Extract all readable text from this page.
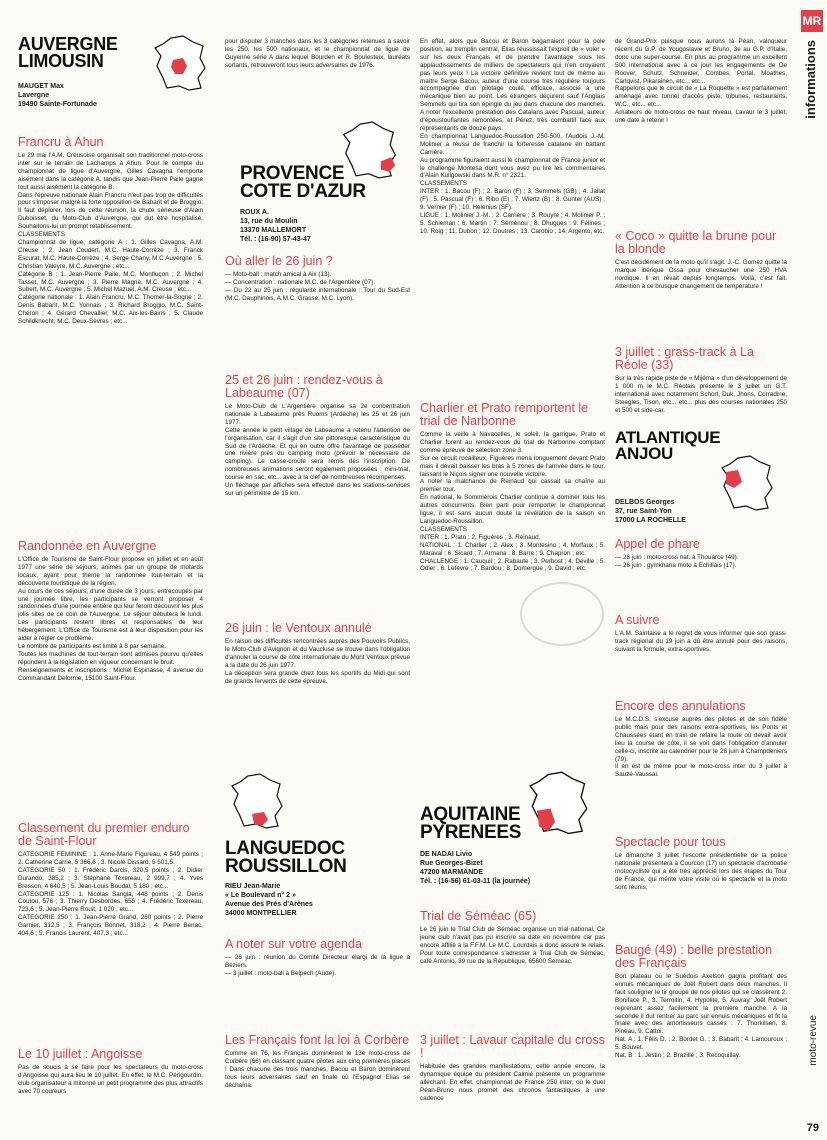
MR
informations
moto-revue
79
AUVERGNE
LIMOUSIN
MAUGET Max
Lavergne
19490 Sainte-Fortunade

Francru à Ahun

Le 29 mai l'A.M. Creusoise organisait son traditionnel moto-cross inter sur le terrain de Lachamps à Ahun. Pour le compte du championnat de ligue d'Auvergne, Gilles Cavagna l'emporte aisément dans la catégorie A, tandis que Jean-Pierre Paile gagne tout aussi aisément la catégorie B.
Dans l'épreuve nationale Alain Francru n'eut pas trop de difficultés pour s'imposer malgré la forte opposition de Babarit et de Broggio.
Il faut déplorer, lors de cette réunion, la chute sérieuse d'Alain Duboisset, du Moto-Club d'Auvergne, qui dut être hospitalisé. Souhaitons-lui un prompt rétablissement.
CLASSEMENTS
Championnat de ligue, catégorie A : 1. Gilles Cavagna, A.M. Creuse ; 2. Jean Coudert, M.C. Haute-Corrèze ; 3. Franck Escurat, M.C. Haute-Corrèze ; 4. Serge Chany, M.C Auvergne ; 5. Christian Valeyre, M.C. Auvergne ; etc...
Catégorie B : 1. Jean-Pierre Paile, M.C. Montluçon ; 2. Michel Tasset, M.C. Auvergne ; 3. Pierre Magne, M.C. Auvergne ; 4. Subert, M.C. Auvergne ; 5. Michel Mazuel, A.M. Creuse ; etc...
Catégorie nationale : 1. Alain Francru, M.C. Thomer-la-Sogne ; 2. Denis Babarit, M.C. Yonnais ; 3. Richard Broggio, M.C. Saint-Chéron ; 4. Gérard Chevallier, M.C. Aix-les-Bains ; 5. Claude Schildknecht, M.C. Deux-Sèvres ; etc...

Randonnée en Auvergne

L'Office de Tourisme de Saint-Flour propose en juillet et en août 1977 une série de séjours, animés par un groupe de motards locaux, ayant pour thème la randonnée tout-terrain et la découverte touristique de la région.
Au cours de ces séjours, d'une durée de 3 jours, entrecoupés par une journée libre, les participants se verront proposer 4 randonnées d'une journée entière qui leur feront découvrir les plus jolis sites de ce coin de l'Auvergne. Le séjour débutera le lundi. Les participants restent libres et responsables de leur hébergement. L'Office de Tourisme est à leur disposition pour les aider à régler ce problème.
Le nombre de participants est limité à 8 par semaine.
Toutes les machines de tout-terrain sont admises pourvu qu'elles répondent à la législation en vigueur concernant le bruit.
Renseignements et inscriptions : Michel Espinasse, 4 avenue du Commandant Delorme, 15100 Saint-Flour.

Classement du premier enduro de Saint-Flour

CATEGORIE FEMININE : 1. Anne-Marie Figureau, 4 549 points ; 2. Catherine Carrie, 5 366,6 ; 3. Nicole Dissard, 5 501,5.
CATEGORIE 50 : 1. Frédéric Darcis, 320,5 points ; 2. Didier Durando, 385,2 ; 3. Stéphane Texereau, 2 999,7 ; 4. Yves Bresson, 4 640,5 ; 5. Jean-Louis Boudal, 5 180 ; etc...
CATEGORIE 125 : 1. Nicolas Sangla, 448 points ; 2. Denis Coutou, 576 ; 3. Thierry Desbordes, 655 ; 4. Frédéric Texereau, 723,6 ; 5. Jean-Pierre Rouit, 1 020 ; etc...
CATEGORIE 250 : 1. Jean-Pierre Grand, 280 points ; 2. Pierre Garnier, 312,5 ; 3. François Bonnet, 318,2 ; 4. Pierre Benac, 404,6 ; 5. Francis Laurent, 407,3 ; etc...

Le 10 juillet : Angoisse

Pas de soucis à se faire pour les spectateurs du moto-cross d'Angoisse qui aura lieu le 10 juillet. En effet, le M.C. Périgourdin, club organisateur a mitonné un petit programme des plus attractifs avec 70 coureurs

pour disputer 3 manches dans les 3 catégories retenues à savoir les 250, les 500 nationaux, et le championnat de ligue de Guyenne série A dans lequel Bourden et R. Boulesteix, lauréats sortants, retrouveront tous leurs adversaires de 1976.

PROVENCE
COTE D'AZUR
ROUX A.
13, rue du Moulin
13370 MALLEMORT
Tél. : (16-90) 57-43-47

Où aller le 26 juin ?

— Moto-ball : match amical à Aix (13).
— Concentration : nationale M.C. de l'Argentière (07).
— Du 22 au 25 juin : régularité internationale : Tour du Sud-Est (M.C. Dauphinois, A.M.C. Grasse, M.C. Lyon).

25 et 26 juin : rendez-vous à Labeaume (07)

Le Moto-Club de L'Argentière organise sa 2e concentration nationale à Labeaume près Ruoms (Ardèche) les 25 et 26 juin 1977.
Cette année le petit village de Labeaume a retenu l'attention de l'organisation, car il s'agit d'un site pittoresque caractéristique du Sud de l'Ardèche. Et qui en outre offre l'avantage de posséder une rivière près du camping moto (prévoir le nécessaire de camping). Le casse-croûte sera remis dès l'inscription. De nombreuses animations seront également proposées : mini-trial, course en sac, etc... avec à la clef de nombreuses récompenses.
Un fléchage par affiches sera effectué dans les stations-services sur un périmètre de 15 km.

26 juin : le Ventoux annulé

En raison des difficultés rencontrées auprès des Pouvoirs Publics, le Moto-Club d'Avignon et du Vaucluse se trouve dans l'obligation d'annuler la course de côte internationale du Mont Ventoux prévue à la date du 26 juin 1977.
La déception sera grande chez tous les sportifs du Midi qui sont de grands fervents de cette épreuve.

LANGUEDOC
ROUSSILLON
RIEU Jean-Marie
« Le Boulevard n° 2 »
Avenue des Prés d'Arènes
34000 MONTPELLIER

A noter sur votre agenda

— 26 juin : réunion du Comité Directeur élargi de la ligue à Béziers.
— 3 juillet : moto-ball à Belpech (Aude).

Les Français font la loi à Corbère

Comme en 76, les Français dominèrent le 13e moto-cross de Corbère (66) en classant quatre pilotes aux cinq premières places ! Dans chacune des trois manches, Bacou et Baron dominèrent tous leurs adversaires sauf en finale où l'Espagnol Elias se déchaîna.

En effet, alors que Bacou et Baron bagarraient pour la pole position, au tremplin central, Elias réussissait l'exploit de « voler » sur les deux Français et de prendre l'avantage sous les applaudissements de milliers de spectateurs qui n'en croyaient pas leurs yeux ! La victoire définitive revient tout de même au maître Serge Bacou, auteur d'une course très régulière toujours accompagnée d'un pilotage coulé, efficace, associé à une mécanique bien au point. Les étrangers déçurent sauf l'Anglais Semmels qui tira son épingle du jeu dans chacune des manches. A noter l'excellente prestation des Catalans avec Pascual, auteur d'époustouflantes remontées, et Pérez, très combattif face aux représentants de douze pays.
En championnat Languedoc-Roussillon 250-500, l'Audois J.-M. Molinier a réussi de franchir la forteresse catalane en battant Carrière.
Au programme figuraient aussi le championnat de France junior et le challenge Montesa dont vous avez pu lire les commentaires d'Alain Kuligowski dans M.R. n° 2321.
CLASSEMENTS
INTER : 1. Bacou (F) ; 2. Baron (F) ; 3. Semmels (GB) ; 4. Jallat (F) ; 5. Pascual (F) ; 6. Ribo (E) ; 7. Wiertz (B) ; 8. Gunter (AUS) ; 9. Vernier (F) ; 10. Helenius (SF).
LIGUE : 1. Molinier J.-M. ; 2. Carrière ; 3. Rouyre ; 4. Molinier P. ; 5. Schieman ; 6. Martin ; 7. Séménou ; 8. Dhugues ; 9. Félines ; 10. Roig ; 11. Dubon ; 12. Doutres ; 13. Carobio ; 14. Argento, etc.

Charlier et Prato remportent le trial de Narbonne

Comme la veille à Navacelles, le soleil, la garrigue, Prato et Charlier furent au rendez-vous du trial de Narbonne comptant comme épreuve de sélection zone 3.
Sur ce circuit rocailleux, Figuères mena longuement devant Prato mais il devait baisser les bras à 5 zones de l'arrivée dans le tour, laissant le Niçois signer une nouvelle victoire.
A noter la malchance de Reinaud qui cassait sa chaîne au premier tour.
En national, le Sommiérois Charlier continue à dominer tous les autres concurrents. Bien parti pour remporter le championnat ligue, il est sans aucun doute la révélation de la saison en Languedoc-Roussillon.
CLASSEMENTS
INTER : 1. Prato ; 2. Figuères ; 3. Reinaud.
NATIONAL : 1. Charlier ; 2. Alex ; 3. Montesino ; 4. Morfaux ; 5. Maraval ; 6. Sicard ; 7. Armana ; 8. Barre ; 9. Chapron ; etc.
CHALLENGE : 1. Cauquil ; 2. Rabaute ; 3. Perbost ; 4. Deville ; 5. Odier ; 6. Lefèvre ; 7. Bardou ; 8. Domergue ; 9. David ; etc.

AQUITAINE
PYRENEES
DE NADAI Livio
Rue Georges-Bizet
47200 MARMANDE
Tél. : (16-56) 61-03-11 (la journée)

Trial de Séméac (65)

Le 26 juin le Trial Club de Séméac organise un trial national. Ce jeune club n'avait pas pu inscrire sa date en novembre car pas encore affilié à la F.F.M. Le M.C. Lourdais a donc assuré le relais. Pour toute correspondance s'adresser à Trial Club de Séméac, café Antonio, 39 rue de la République, 65600 Séméac.

3 juillet : Lavaur capitale du cross !

Habituée des grandes manifestations, cette année encore, la dynamique équipe du président Calmié présente un programme alléchant. En effet, championnat de France 250 inter, où le duel Péan-Bruno nous promet des chronos fantastiques à une cadence

de Grand-Prix puisque nous aurons là Péan, vainqueur récent du G.P. de Yougoslavie et Bruno, 3e au G.P. d'Italie, donc une super-course. En plus au programme un excellent 500 international avec à ce jour les engagements de De Roover, Schutz, Schneider, Combes, Portal, Moathes, Carlqvist, Pikarainen, etc... etc...
Rappelons que le circuit de « La Roquette » est parfaitement aménagé avec tunnel d'accès piste, tribunes, restaurants, W.C., etc... etc...
Amateurs de moto-cross de haut niveau, Lavaur le 3 juillet, une date à retenir !

« Coco » quitte la brune pour la blonde

C'est décidément de la moto qu'il s'agit. J.-C. Gomez quitte la marque ibérique Ossa pour chevaucher une 250 HVA nordique. Il en rêvait depuis longtemps. Voilà, c'est fait. Attention à ce brusque changement de température !

3 juillet : grass-track à La Réole (33)

Sur la très rapide piste de « Mijéma » d'un développement de 1 000 m le M.C. Réolais présente le 3 juillet un G.T. international avec notamment Schort, Duk, Jhons, Corradine, Steegles, Tison, etc... etc... plus des courses nationales 250 et 500 et side-car.

ATLANTIQUE
ANJOU
DELBOS Georges
37, rue Saint-Yon
17000 LA ROCHELLE

Appel de phare

— 26 juin : moto-cross nat. à Thouarce (49).
— 26 juin : gymkhana moto à Echillais (17).

A suivre

L'A.M. Saintaise a le regret de vous informer que son grass-track régional du 19 juin a dû être annulé pour des raisons, suivant la formule, extra-sportives.

Encore des annulations

Le M.C.D.S. s'excuse auprès des pilotes et de son fidèle public mais pour des raisons extra-sportives, les Ponts et Chaussées étant en train de refaire la route où devait avoir lieu la course de côte, il se voit dans l'obligation d'annuler celle-ci, inscrite au calendrier pour le 26 juin à Champdeniers (79).
Il en est de même pour le moto-cross inter du 3 juillet à Sauzé-Vaussai.

Spectacle pour tous

Le dimanche 3 juillet l'escorte présidentielle de la police nationale présentera à Courcon (17) un spectacle d'acrobatie motocycliste qui a été très apprécié lors des étapes du Tour de France, qui mérite votre visite où le spectacle et la moto sont réunis.

Baugé (49) : belle prestation des Français

Bon plateau où le Suédois Axelson gagna profitant des ennuis mécaniques de Joël Robert dans deux manches. Il faut souligner le tir groupé de nos pilotes qui se classèrent 2. Boniface P., 3. Terroitin, 4. Hypolite, 5. Auvray. Joël Robert reprenant assez facilement la première manche. A la seconde il dut rentrer au parc sur ennuis mécaniques et fit la finale avec des amortisseurs cassés : 7. Thorkilsen, 8. Pineau, 9. Cattoi.
Nat. A : 1. Félis D. ; 2. Bordet G. ; 3. Babarit ; 4. Lamouroux ; 5. Bouvet.
Nat. B : 1. Jestin ; 2. Brazillé ; 3. Recoquillay.
